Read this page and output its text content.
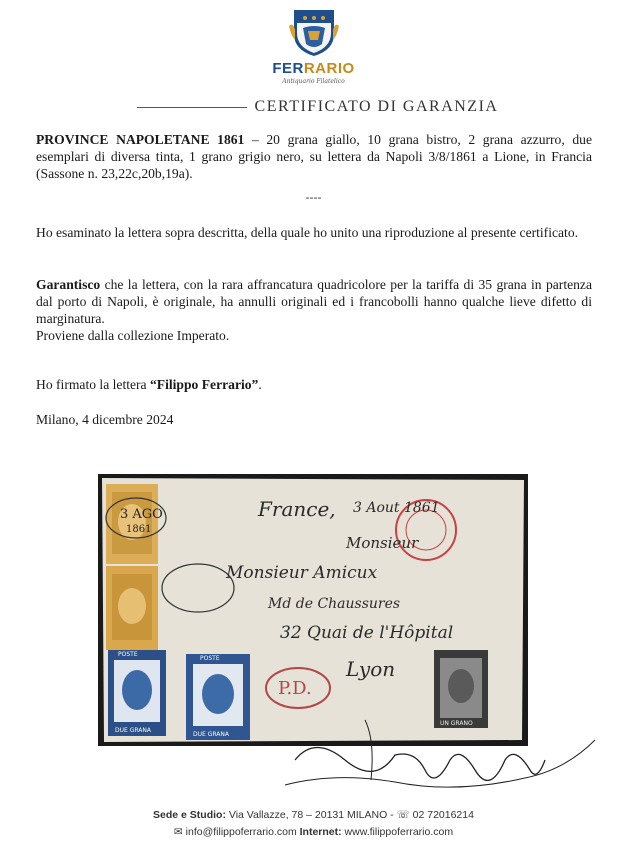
FERRARIO
Antiquario Filatelico
CERTIFICATO DI GARANZIA
PROVINCE NAPOLETANE 1861 – 20 grana giallo, 10 grana bistro, 2 grana azzurro, due esemplari di diversa tinta, 1 grano grigio nero, su lettera da Napoli 3/8/1861 a Lione, in Francia (Sassone n. 23,22c,20b,19a).
----
Ho esaminato la lettera sopra descritta, della quale ho unito una riproduzione al presente certificato.
Garantisco che la lettera, con la rara affrancatura quadricolore per la tariffa di 35 grana in partenza dal porto di Napoli, è originale, ha annulli originali ed i francobolli hanno qualche lieve difetto di marginatura.
Proviene dalla collezione Imperato.
Ho firmato la lettera “Filippo Ferrario”.
Milano, 4 dicembre 2024
POSTE
DUE GRANA
POSTE
DUE GRANA
UN GRANO
3 AGO
1861
P.D.
France, 3 Aout 1861
Monsieur
Monsieur Amicux
Md de Chaussures
32 Quai de l'Hôpital
Lyon
Sede e Studio: Via Vallazze, 78 – 20131 MILANO - ☏ 02 72016214
✉ info@filippoferrario.com Internet: www.filippoferrario.com
